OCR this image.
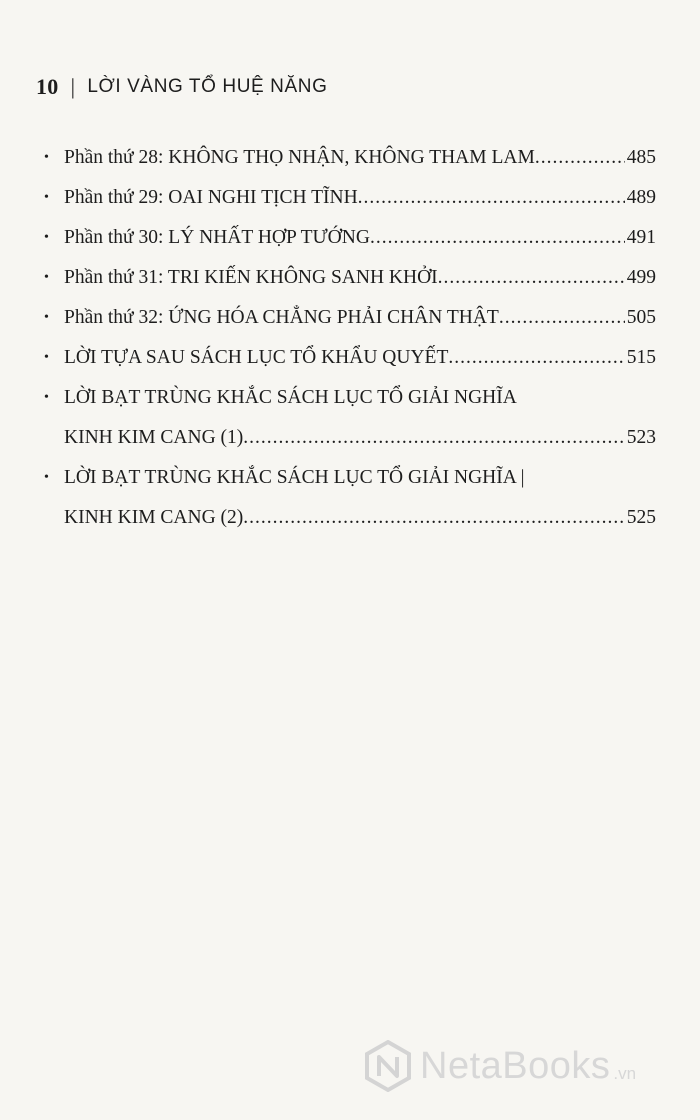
10 | LỜI VÀNG TỔ HUỆ NĂNG

• Phần thứ 28: KHÔNG THỌ NHẬN, KHÔNG THAM LAM .....	485
• Phần thứ 29: OAI NGHI TỊCH TĨNH .....	489
• Phần thứ 30: LÝ NHẤT HỢP TƯỚNG .....	491
• Phần thứ 31: TRI KIẾN KHÔNG SANH KHỞI .....	499
• Phần thứ 32: ỨNG HÓA CHẲNG PHẢI CHÂN THẬT .....	505
• LỜI TỰA SAU SÁCH LỤC TỔ KHẨU QUYẾT .....	515
• LỜI BẠT TRÙNG KHẮC SÁCH LỤC TỔ GIẢI NGHĨA
KINH KIM CANG (1) .....	523
• LỜI BẠT TRÙNG KHẮC SÁCH LỤC TỔ GIẢI NGHĨA |
KINH KIM CANG (2) .....	525
NetaBooks .vn
